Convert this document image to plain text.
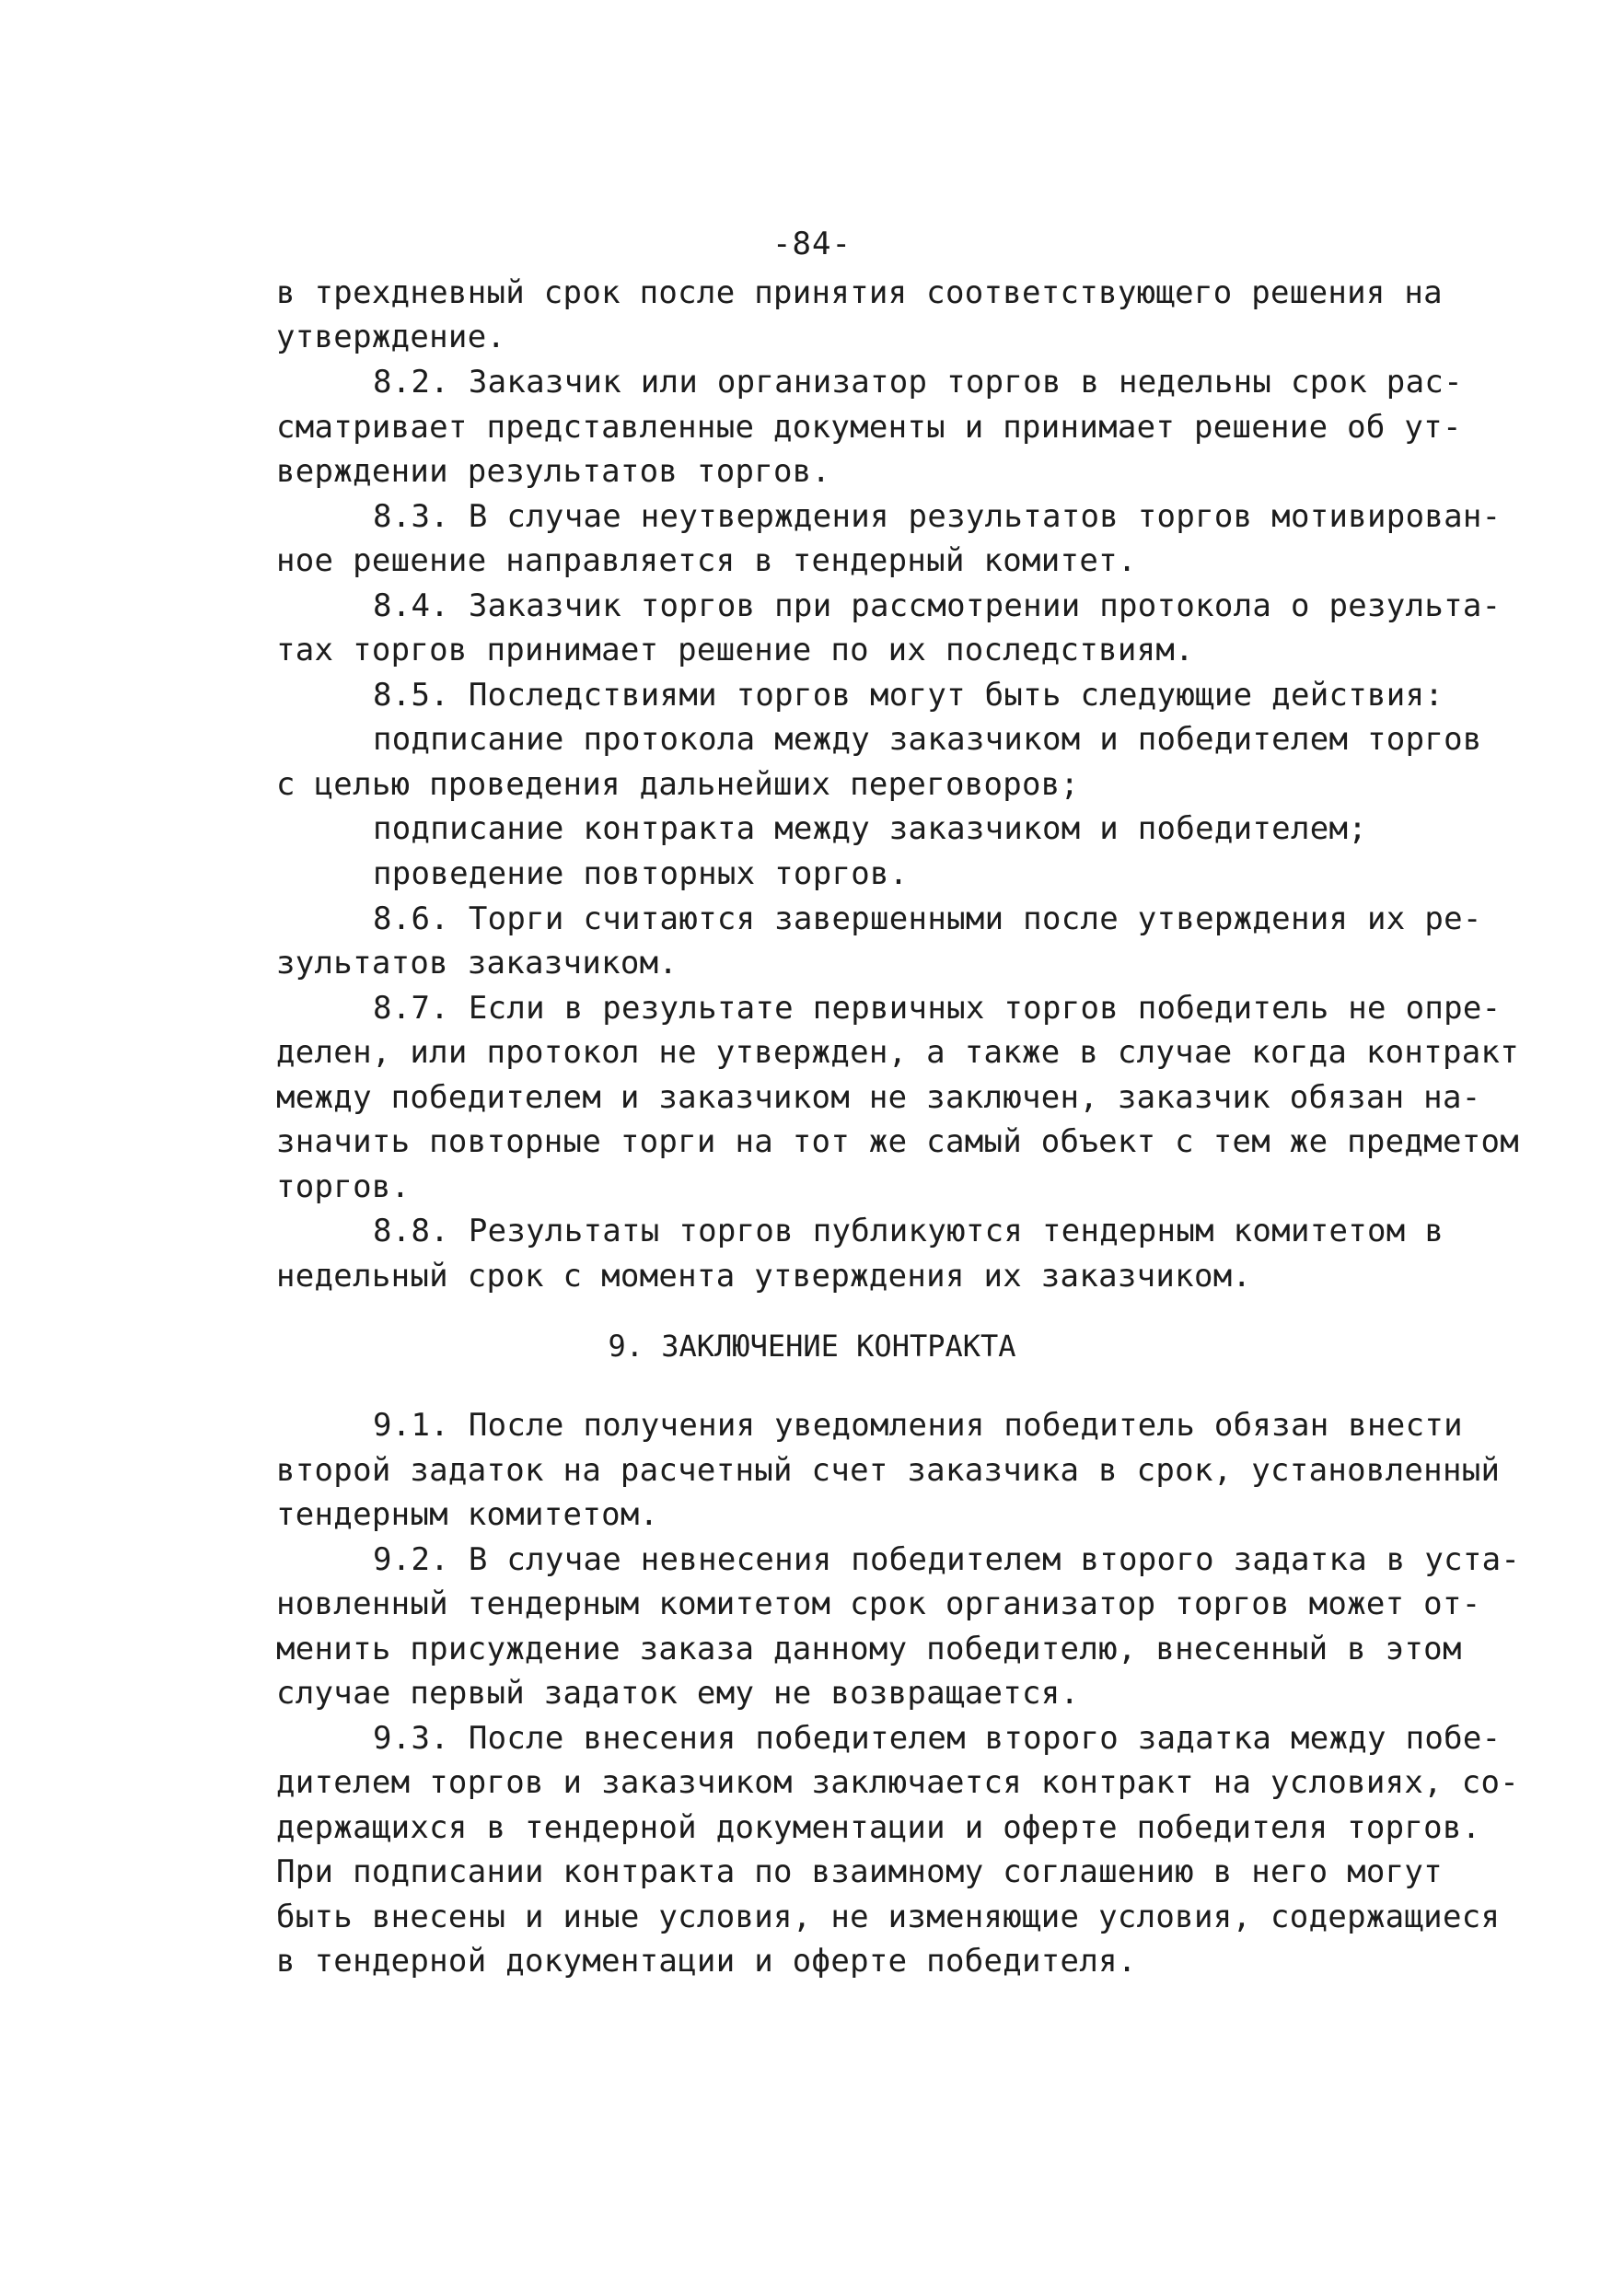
-84-
в трехдневный срок после принятия соответствующего решения на
утверждение.
8.2. Заказчик или организатор торгов в недельны срок рас-
сматривает представленные документы и принимает решение об ут-
верждении результатов торгов.
8.3. В случае неутверждения результатов торгов мотивирован-
ное решение направляется в тендерный комитет.
8.4. Заказчик торгов при рассмотрении протокола о результа-
тах торгов принимает решение по их последствиям.
8.5. Последствиями торгов могут быть следующие действия:
подписание протокола между заказчиком и победителем торгов
с целью проведения дальнейших переговоров;
подписание контракта между заказчиком и победителем;
проведение повторных торгов.
8.6. Торги считаются завершенными после утверждения их ре-
зультатов заказчиком.
8.7. Если в результате первичных торгов победитель не опре-
делен, или протокол не утвержден, а также в случае когда контракт
между победителем и заказчиком не заключен, заказчик обязан на-
значить повторные торги на тот же самый объект с тем же предметом
торгов.
8.8. Результаты торгов публикуются тендерным комитетом в
недельный срок с момента утверждения их заказчиком.
9. ЗАКЛЮЧЕНИЕ КОНТРАКТА
9.1. После получения уведомления победитель обязан внести
второй задаток на расчетный счет заказчика в срок, установленный
тендерным комитетом.
9.2. В случае невнесения победителем второго задатка в уста-
новленный тендерным комитетом срок организатор торгов может от-
менить присуждение заказа данному победителю, внесенный в этом
случае первый задаток ему не возвращается.
9.3. После внесения победителем второго задатка между побе-
дителем торгов и заказчиком заключается контракт на условиях, со-
держащихся в тендерной документации и оферте победителя торгов.
При подписании контракта по взаимному соглашению в него могут
быть внесены и иные условия, не изменяющие условия, содержащиеся
в тендерной документации и оферте победителя.
